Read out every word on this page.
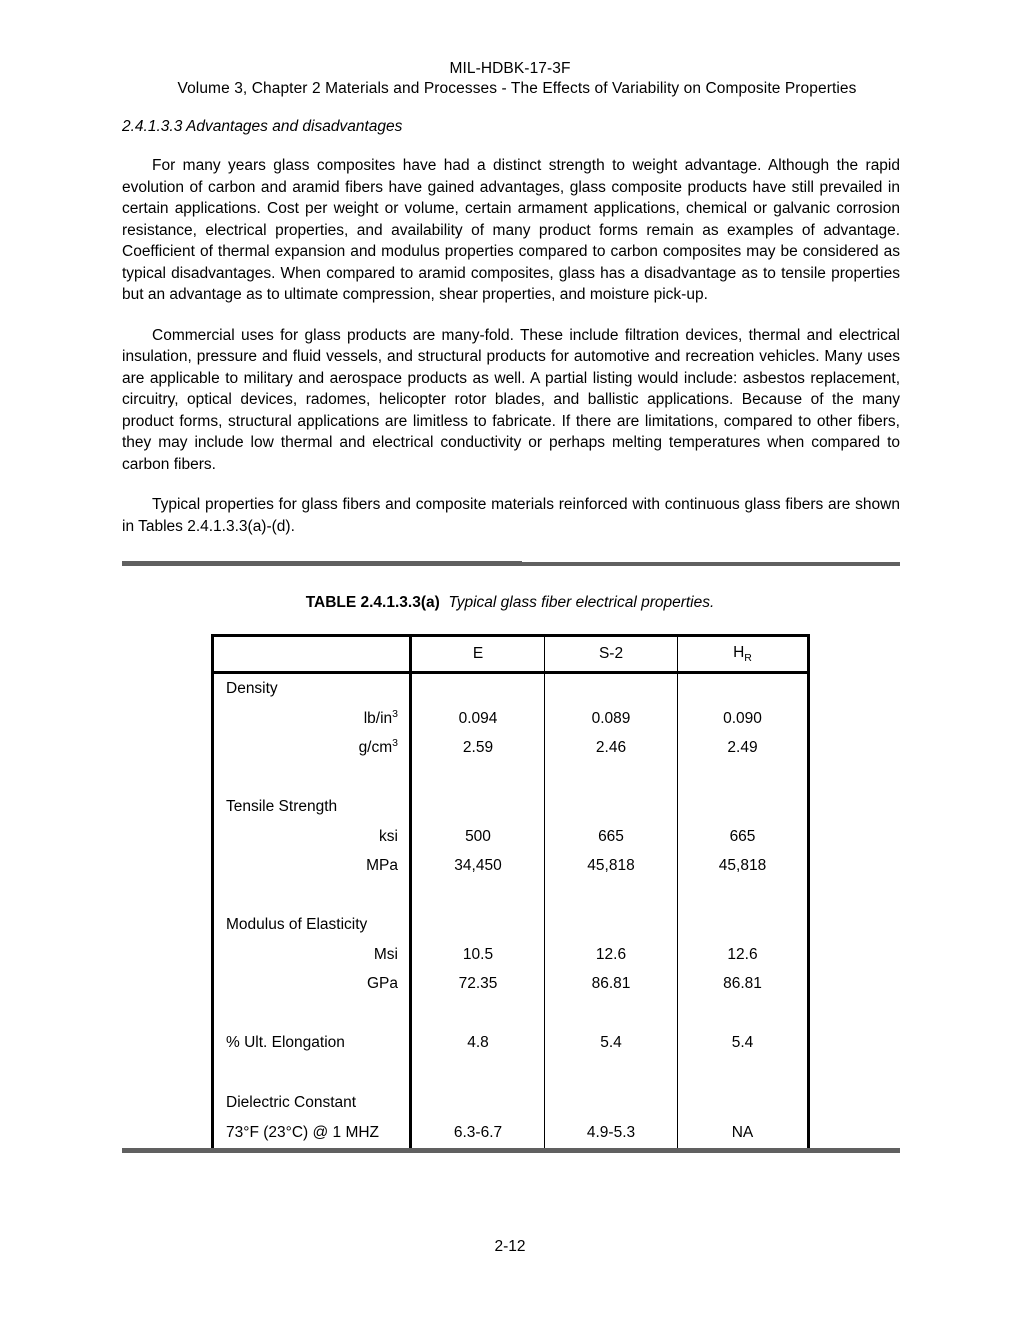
MIL-HDBK-17-3F
Volume 3, Chapter 2 Materials and Processes - The Effects of Variability on Composite Properties
2.4.1.3.3 Advantages and disadvantages

For many years glass composites have had a distinct strength to weight advantage. Although the rapid evolution of carbon and aramid fibers have gained advantages, glass composite products have still prevailed in certain applications. Cost per weight or volume, certain armament applications, chemical or galvanic corrosion resistance, electrical properties, and availability of many product forms remain as examples of advantage. Coefficient of thermal expansion and modulus properties compared to carbon composites may be considered as typical disadvantages. When compared to aramid composites, glass has a disadvantage as to tensile properties but an advantage as to ultimate compression, shear properties, and moisture pick-up.

Commercial uses for glass products are many-fold. These include filtration devices, thermal and electrical insulation, pressure and fluid vessels, and structural products for automotive and recreation vehicles. Many uses are applicable to military and aerospace products as well. A partial listing would include: asbestos replacement, circuitry, optical devices, radomes, helicopter rotor blades, and ballistic applications. Because of the many product forms, structural applications are limitless to fabricate. If there are limitations, compared to other fibers, they may include low thermal and electrical conductivity or perhaps melting temperatures when compared to carbon fibers.

Typical properties for glass fibers and composite materials reinforced with continuous glass fibers are shown in Tables 2.4.1.3.3(a)-(d).

TABLE 2.4.1.3.3(a) Typical glass fiber electrical properties.
	E	S-2	$H_R$
Density			
$lb/in^3$	0.094	0.089	0.090
$g/cm^3$	2.59	2.46	2.49

Tensile Strength			
ksi	500	665	665
MPa	34,450	45,818	45,818

Modulus of Elasticity			
Msi	10.5	12.6	12.6
GPa	72.35	86.81	86.81

% Ult. Elongation	4.8	5.4	5.4

Dielectric Constant			
73°F (23°C) @ 1 MHZ	6.3-6.7	4.9-5.3	NA
2-12
